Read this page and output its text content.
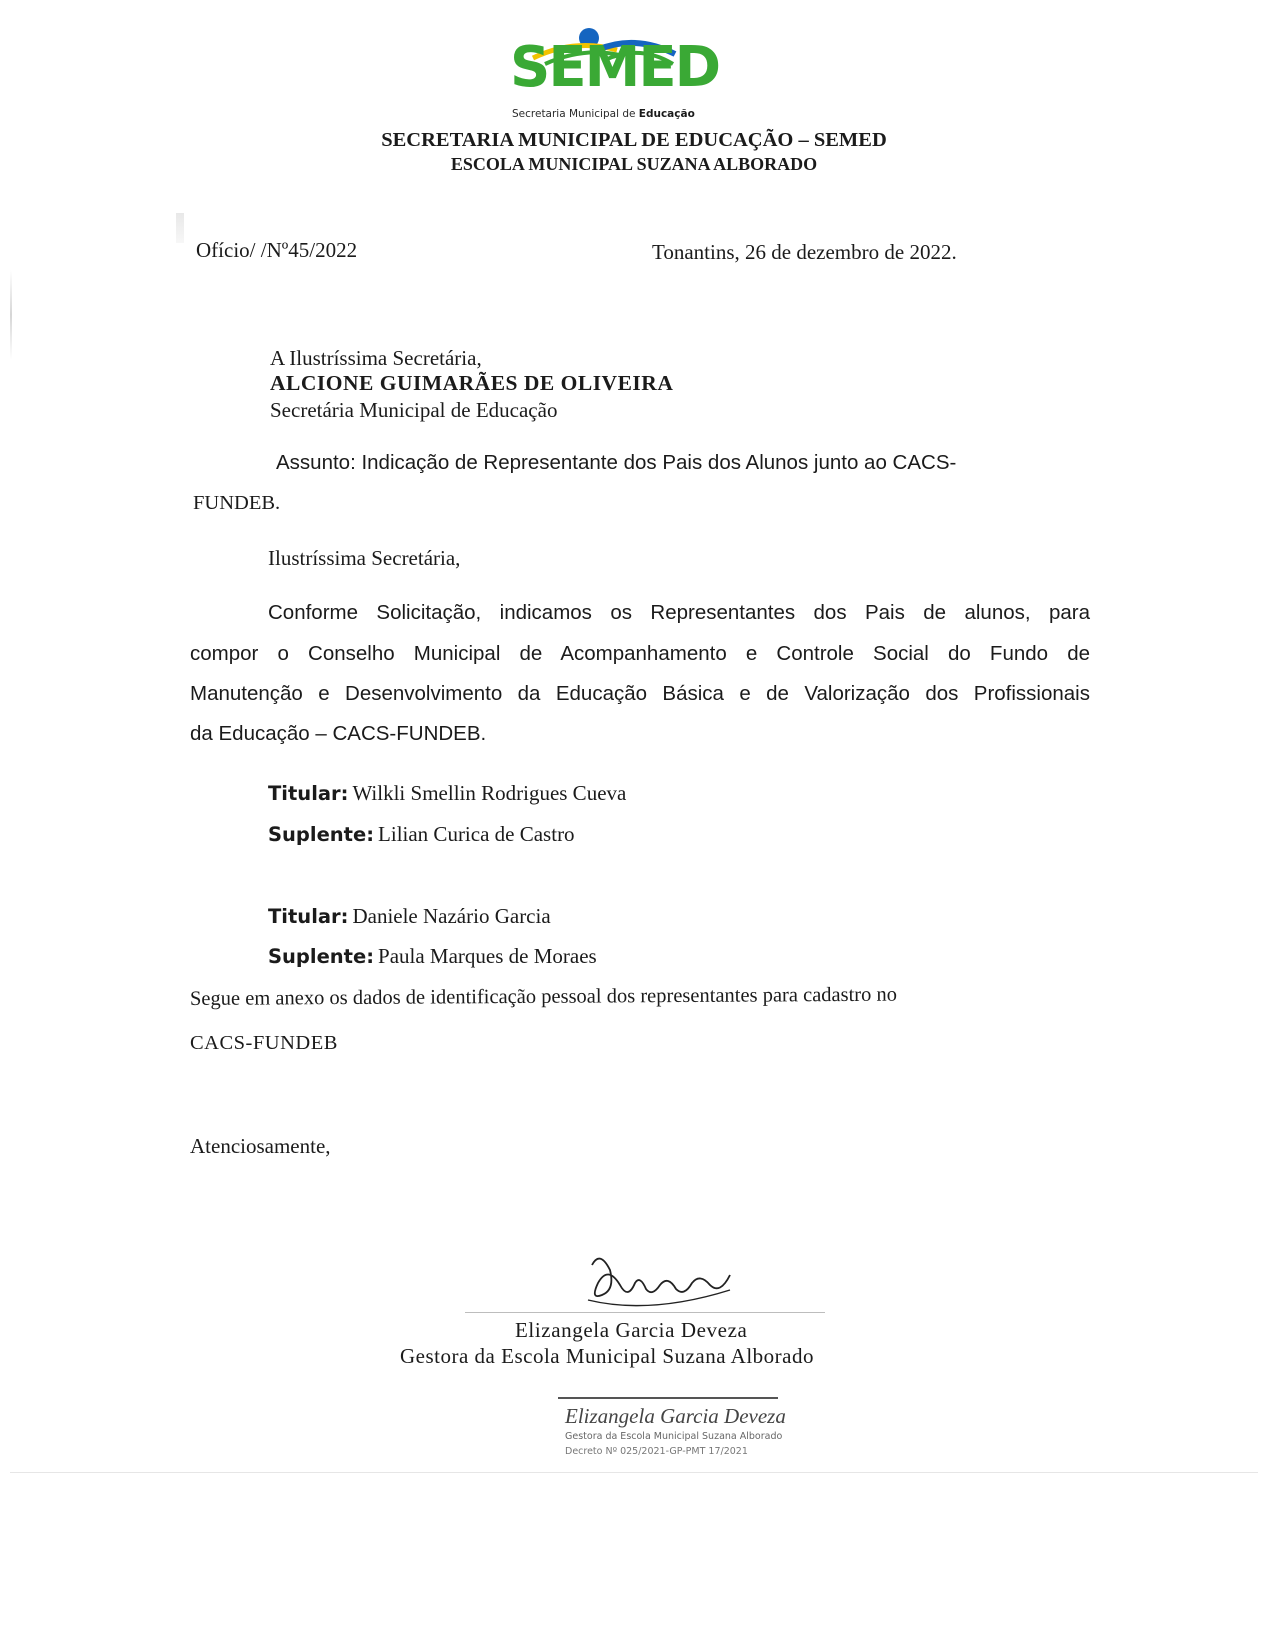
SEMED
Secretaria Municipal de Educação
SECRETARIA MUNICIPAL DE EDUCAÇÃO – SEMED
ESCOLA MUNICIPAL SUZANA ALBORADO
Ofício/ /Nº45/2022	Tonantins, 26 de dezembro de 2022.
A Ilustríssima Secretária,
ALCIONE GUIMARÃES DE OLIVEIRA
Secretária Municipal de Educação
Assunto: Indicação de Representante dos Pais dos Alunos junto ao CACS-
FUNDEB.
Ilustríssima Secretária,
Conforme Solicitação, indicamos os Representantes dos Pais de alunos, para
compor o Conselho Municipal de Acompanhamento e Controle Social do Fundo de
Manutenção e Desenvolvimento da Educação Básica e de Valorização dos Profissionais
da Educação – CACS-FUNDEB.
Titular: Wilkli Smellin Rodrigues Cueva
Suplente: Lilian Curica de Castro
Titular: Daniele Nazário Garcia
Suplente: Paula Marques de Moraes
Segue em anexo os dados de identificação pessoal dos representantes para cadastro no
CACS-FUNDEB
Atenciosamente,
Elizangela Garcia Deveza
Gestora da Escola Municipal Suzana Alborado
Elizangela Garcia Deveza
Gestora da Escola Municipal Suzana Alborado
Decreto Nº 025/2021-GP-PMT 17/2021
